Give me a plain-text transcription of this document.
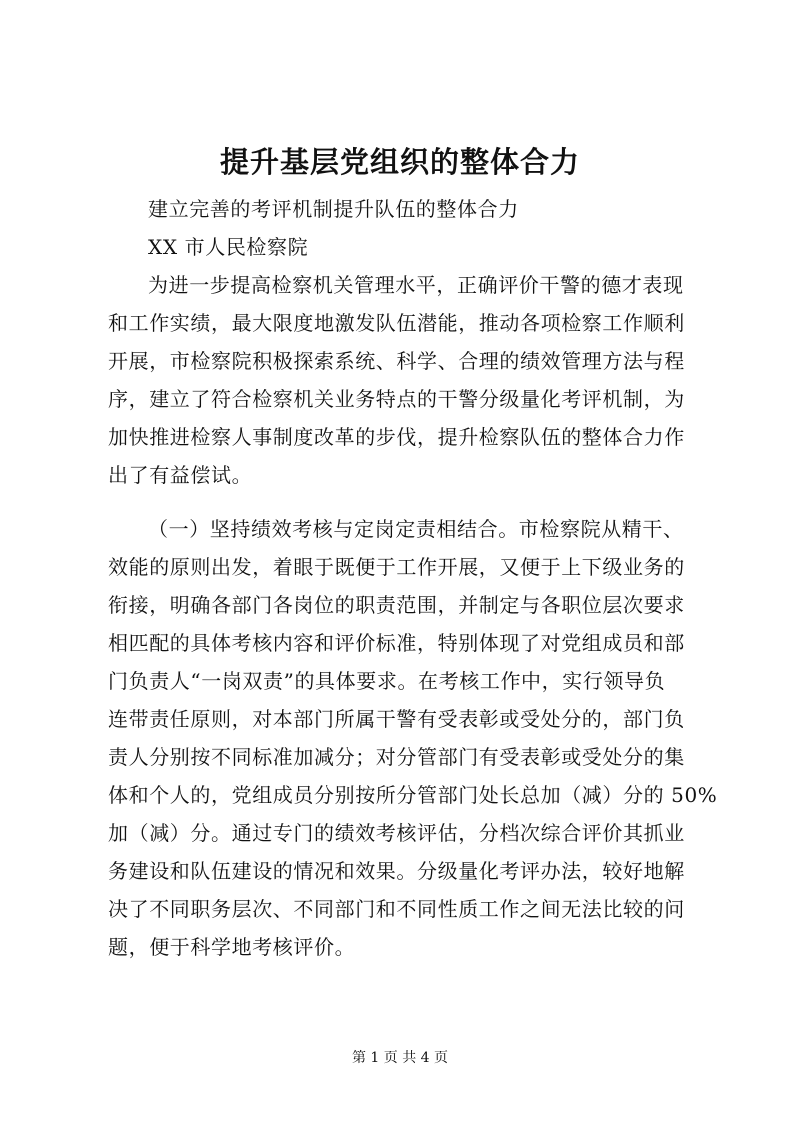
提升基层党组织的整体合力

建立完善的考评机制提升队伍的整体合力

XX 市人民检察院

为进一步提高检察机关管理水平，正确评价干警的德才表现

和工作实绩，最大限度地激发队伍潜能，推动各项检察工作顺利

开展，市检察院积极探索系统、科学、合理的绩效管理方法与程

序，建立了符合检察机关业务特点的干警分级量化考评机制，为

加快推进检察人事制度改革的步伐，提升检察队伍的整体合力作

出了有益偿试。

（一）坚持绩效考核与定岗定责相结合。市检察院从精干、

效能的原则出发，着眼于既便于工作开展，又便于上下级业务的

衔接，明确各部门各岗位的职责范围，并制定与各职位层次要求

相匹配的具体考核内容和评价标准，特别体现了对党组成员和部

门负责人“一岗双责”的具体要求。在考核工作中，实行领导负

连带责任原则，对本部门所属干警有受表彰或受处分的，部门负

责人分别按不同标准加减分；对分管部门有受表彰或受处分的集

体和个人的，党组成员分别按所分管部门处长总加（减）分的 50%

加（减）分。通过专门的绩效考核评估，分档次综合评价其抓业

务建设和队伍建设的情况和效果。分级量化考评办法，较好地解

决了不同职务层次、不同部门和不同性质工作之间无法比较的问

题，便于科学地考核评价。

第 1 页 共 4 页
